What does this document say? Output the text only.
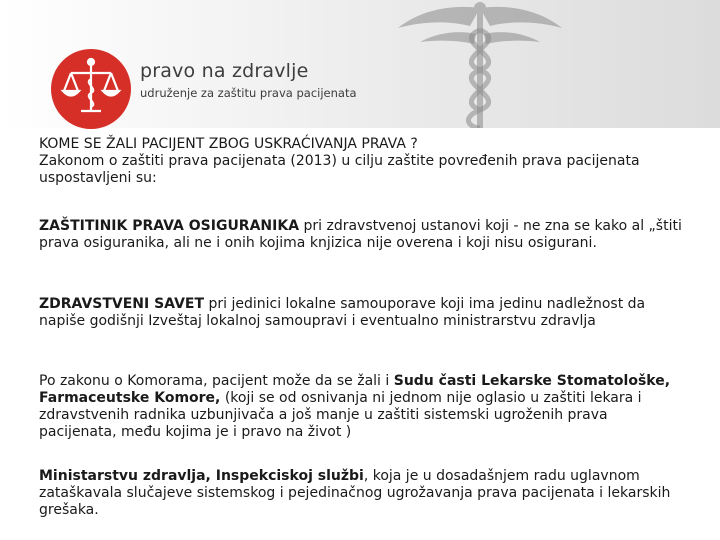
pravo na zdravlje
udruženje za zaštitu prava pacijenata

KOME SE ŽALI PACIJENT ZBOG USKRAĆIVANJA PRAVA ?

Zakonom o zaštiti prava pacijenata (2013) u cilju zaštite povređenih prava pacijenata uspostavljeni su:

ZAŠTITINIK PRAVA OSIGURANIKA pri zdravstvenoj ustanovi koji - ne zna se kako al „štiti prava osiguranika, ali ne i onih kojima knjizica nije overena i koji nisu osigurani.

ZDRAVSTVENI SAVET pri jedinici lokalne samouporave koji ima jedinu nadležnost da napiše godišnji Izveštaj lokalnoj samoupravi i eventualno ministrarstvu zdravlja

Po zakonu o Komorama, pacijent može da se žali i Sudu časti Lekarske Stomatološke, Farmaceutske Komore, (koji se od osnivanja ni jednom nije oglasio u zaštiti lekara i zdravstvenih radnika uzbunjivača a još manje u zaštiti sistemski ugroženih prava pacijenata, među kojima je i pravo na život )

Ministarstvu zdravlja, Inspekciskoj službi, koja je u dosadašnjem radu uglavnom zataškavala slučajeve sistemskog i pejedinačnog ugrožavanja prava pacijenata i lekarskih grešaka.
